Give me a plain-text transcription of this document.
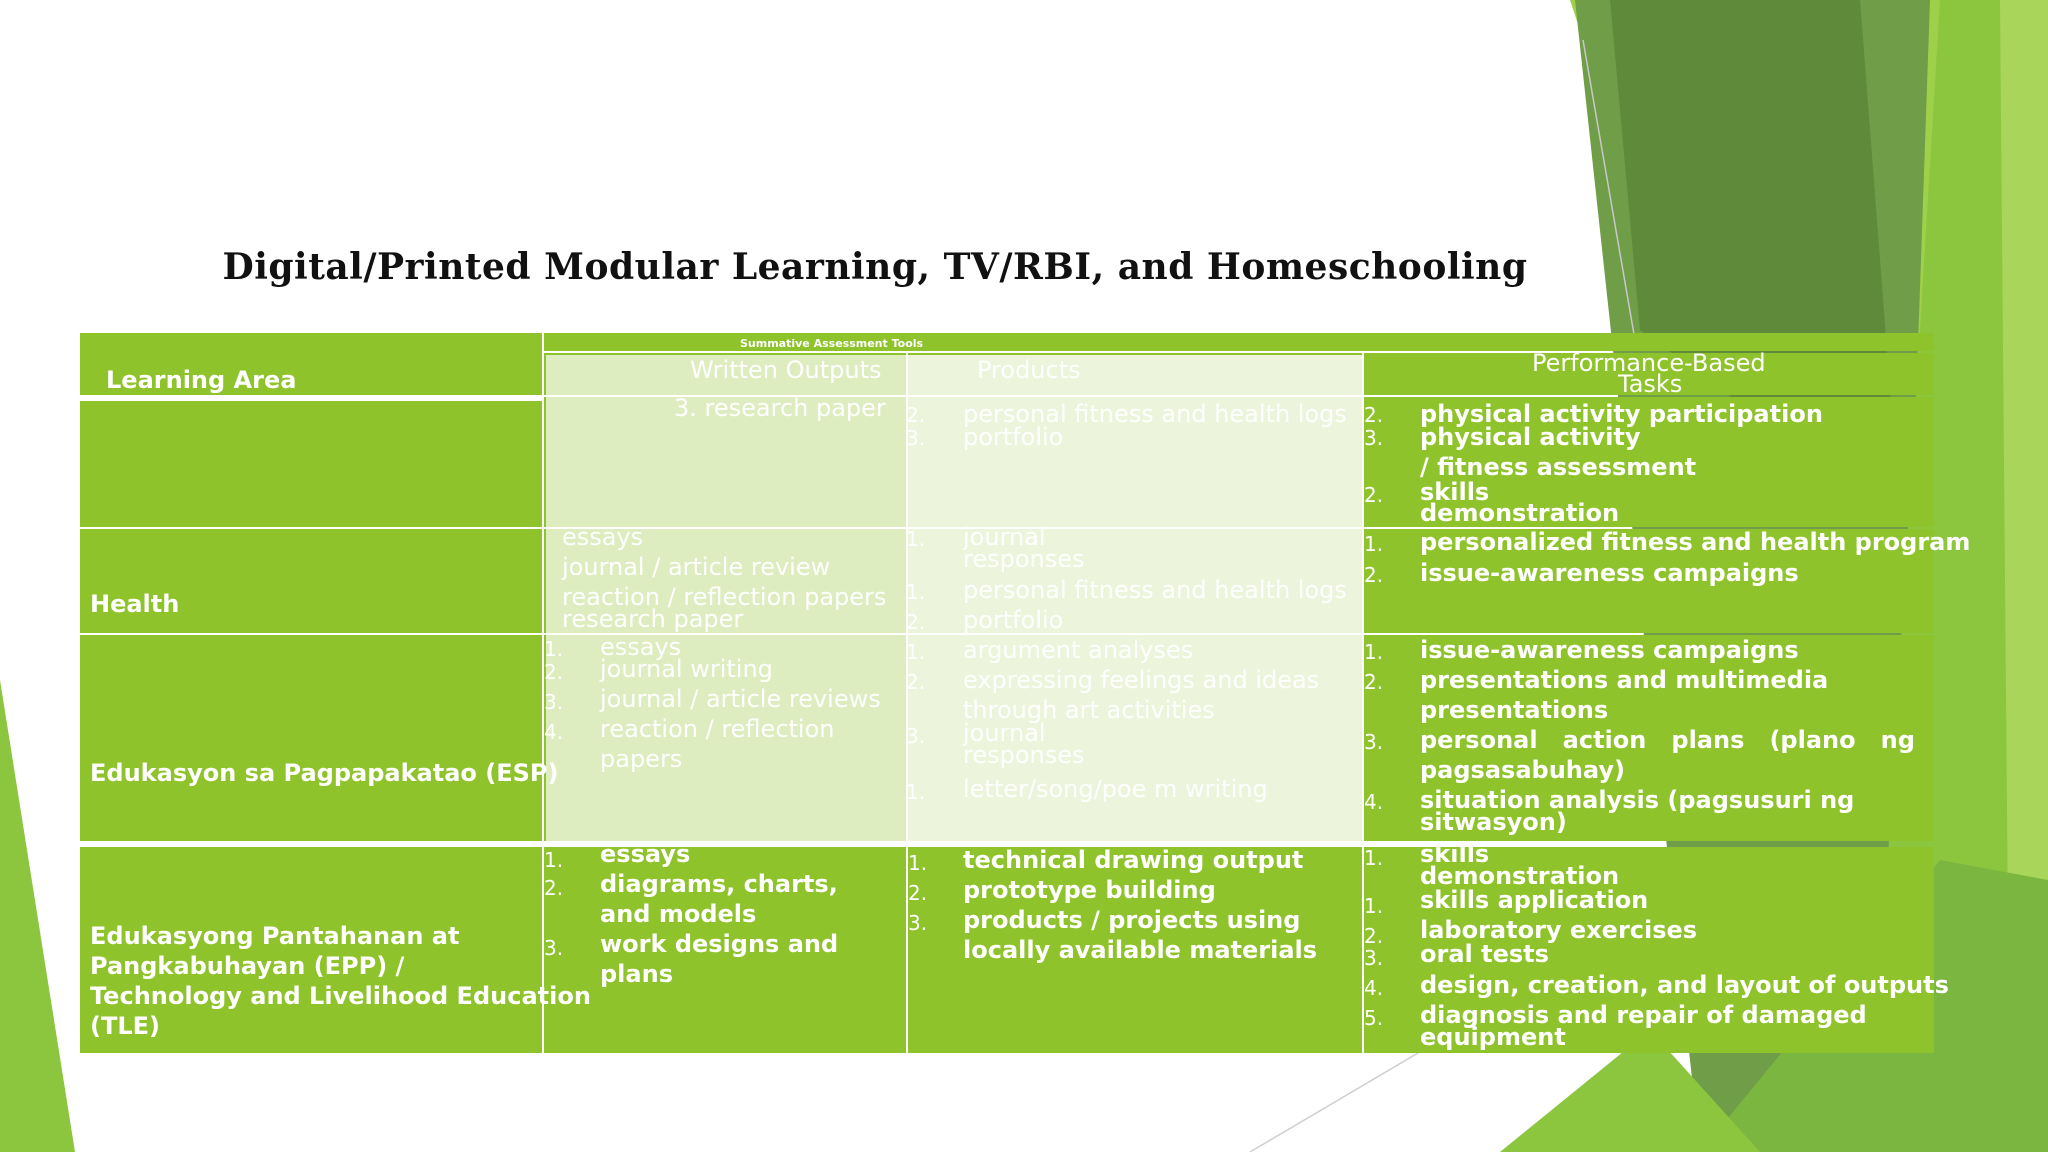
Digital/Printed Modular Learning, TV/RBI, and Homeschooling
Learning Area
Summative Assessment Tools
Written Outputs	Products	Performance-Based
Tasks
3. research paper 2. personal fitness and health logs
3. portfolio
2. physical activity participation
3. physical activity
/ fitness assessment
2. skills
demonstration
Health
essays
journal / article review
reaction / reflection papers
research paper
1. journal
responses
1. personal fitness and health logs
2. portfolio
1. personalized fitness and health program
2. issue-awareness campaigns
Edukasyon sa Pagpapakatao (ESP)
1. essays
2. journal writing
3. journal / article reviews
4. reaction / reflection
papers
1. argument analyses
2. expressing feelings and ideas
through art activities
3. journal
responses
1. letter/song/poe m writing
1. issue-awareness campaigns
2. presentations and multimedia
presentations
3. personal   action   plans   (plano   ng
pagsasabuhay)
4. situation analysis (pagsusuri ng
sitwasyon)
Edukasyong Pantahanan at
Pangkabuhayan (EPP) /
Technology and Livelihood Education
(TLE)
1. essays
2. diagrams, charts,
and models
3. work designs and
plans
1. technical drawing output
2. prototype building
3. products / projects using
locally available materials
1. skills
demonstration
1. skills application
2. laboratory exercises
3. oral tests
4. design, creation, and layout of outputs
5. diagnosis and repair of damaged
equipment
